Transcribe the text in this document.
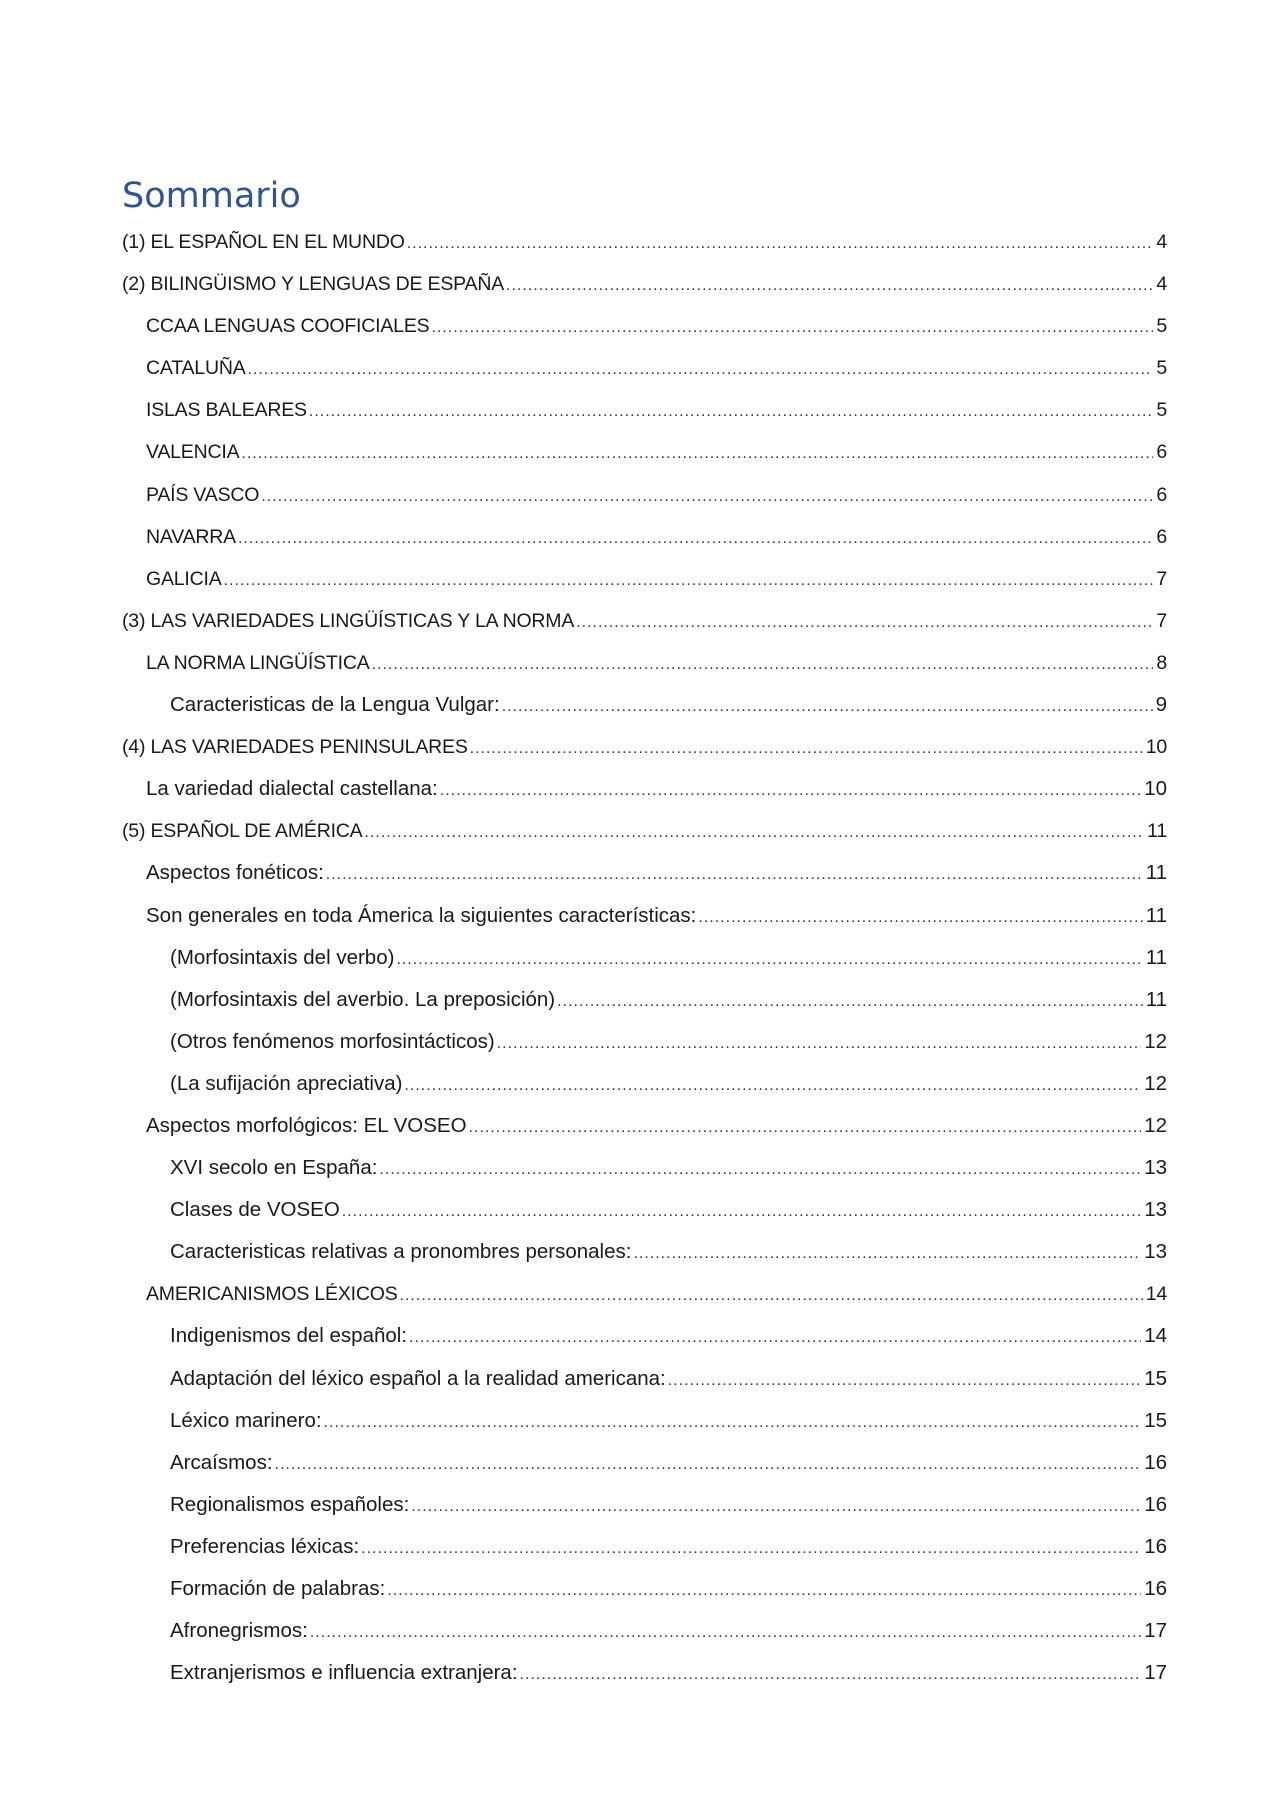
Sommario
(1) EL ESPAÑOL EN EL MUNDO .....	4
(2) BILINGÜISMO Y LENGUAS DE ESPAÑA .....	4
CCAA LENGUAS COOFICIALES .....	5
CATALUÑA .....	5
ISLAS BALEARES .....	5
VALENCIA .....	6
PAÍS VASCO .....	6
NAVARRA .....	6
GALICIA .....	7
(3) LAS VARIEDADES LINGÜÍSTICAS Y LA NORMA .....	7
LA NORMA LINGÜÍSTICA .....	8
Caracteristicas de la Lengua Vulgar: .....	9
(4) LAS VARIEDADES PENINSULARES .....	10
La variedad dialectal castellana: .....	10
(5) ESPAÑOL DE AMÉRICA .....	11
Aspectos fonéticos: .....	11
Son generales en toda Ámerica la siguientes características: .....	11
(Morfosintaxis del verbo) .....	11
(Morfosintaxis del averbio. La preposición) .....	11
(Otros fenómenos morfosintácticos) .....	12
(La sufijación apreciativa) .....	12
Aspectos morfológicos: EL VOSEO .....	12
XVI secolo en España: .....	13
Clases de VOSEO .....	13
Caracteristicas relativas a pronombres personales: .....	13
AMERICANISMOS LÉXICOS .....	14
Indigenismos del español: .....	14
Adaptación del léxico español a la realidad americana: .....	15
Léxico marinero: .....	15
Arcaísmos: .....	16
Regionalismos españoles: .....	16
Preferencias léxicas: .....	16
Formación de palabras: .....	16
Afronegrismos: .....	17
Extranjerismos e influencia extranjera: .....	17
